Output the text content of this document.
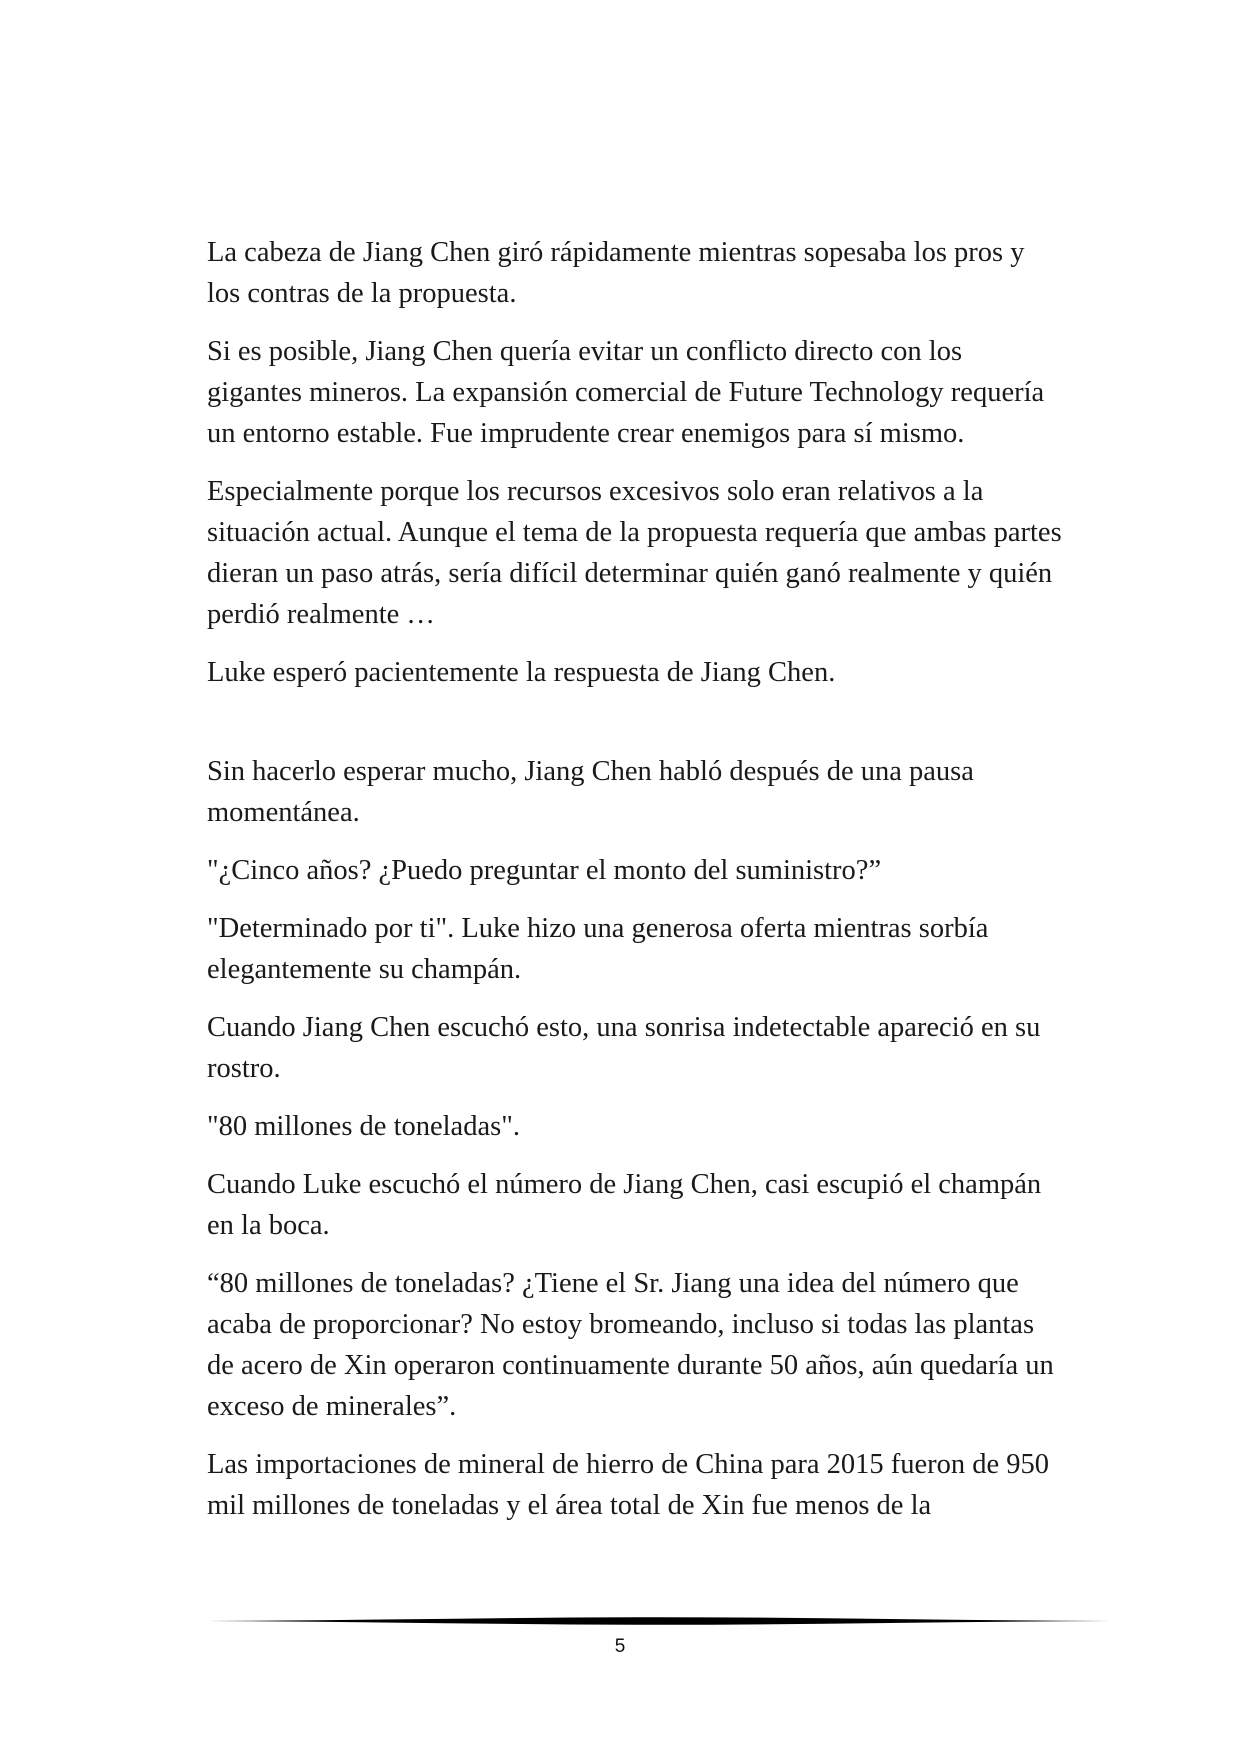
La cabeza de Jiang Chen giró rápidamente mientras sopesaba los pros y los contras de la propuesta.

Si es posible, Jiang Chen quería evitar un conflicto directo con los gigantes mineros. La expansión comercial de Future Technology requería un entorno estable. Fue imprudente crear enemigos para sí mismo.

Especialmente porque los recursos excesivos solo eran relativos a la situación actual. Aunque el tema de la propuesta requería que ambas partes dieran un paso atrás, sería difícil determinar quién ganó realmente y quién perdió realmente …

Luke esperó pacientemente la respuesta de Jiang Chen.

Sin hacerlo esperar mucho, Jiang Chen habló después de una pausa momentánea.

"¿Cinco años? ¿Puedo preguntar el monto del suministro?”

"Determinado por ti". Luke hizo una generosa oferta mientras sorbía elegantemente su champán.

Cuando Jiang Chen escuchó esto, una sonrisa indetectable apareció en su rostro.

"80 millones de toneladas".

Cuando Luke escuchó el número de Jiang Chen, casi escupió el champán en la boca.

“80 millones de toneladas? ¿Tiene el Sr. Jiang una idea del número que acaba de proporcionar? No estoy bromeando, incluso si todas las plantas de acero de Xin operaron continuamente durante 50 años, aún quedaría un exceso de minerales”.

Las importaciones de mineral de hierro de China para 2015 fueron de 950 mil millones de toneladas y el área total de Xin fue menos de la

5
